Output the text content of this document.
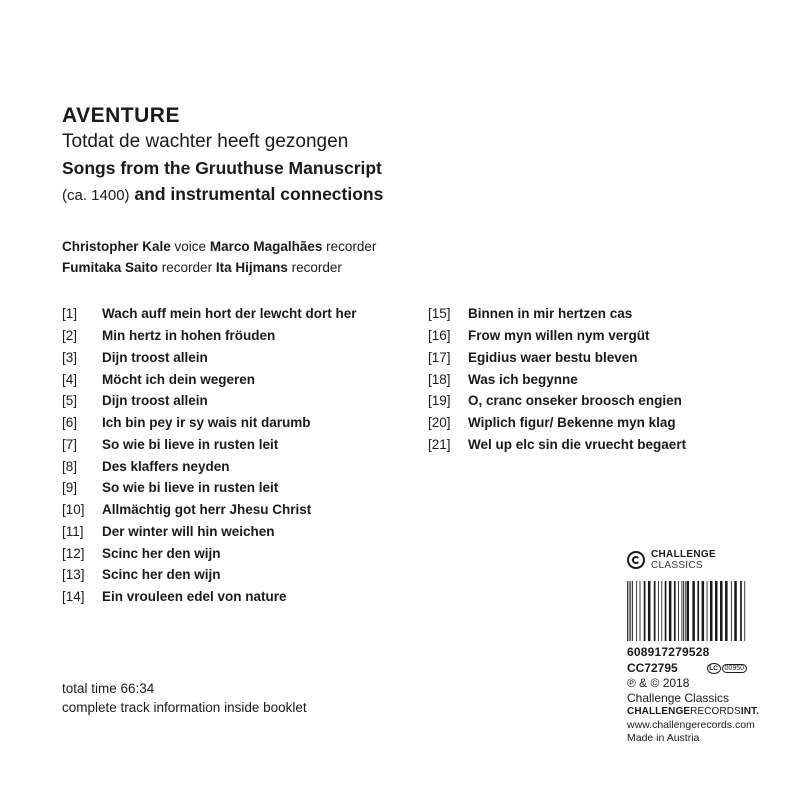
AVENTURE
Totdat de wachter heeft gezongen
Songs from the Gruuthuse Manuscript
(ca. 1400) and instrumental connections
Christopher Kale voice Marco Magalhães recorder
Fumitaka Saito recorder Ita Hijmans recorder
[1]	Wach auff mein hort der lewcht dort her
[2]	Min hertz in hohen fröuden
[3]	Dijn troost allein
[4]	Möcht ich dein wegeren
[5]	Dijn troost allein
[6]	Ich bin pey ir sy wais nit darumb
[7]	So wie bi lieve in rusten leit
[8]	Des klaffers neyden
[9]	So wie bi lieve in rusten leit
[10]	Allmächtig got herr Jhesu Christ
[11]	Der winter will hin weichen
[12]	Scinc her den wijn
[13]	Scinc her den wijn
[14]	Ein vrouleen edel von nature
[15]	Binnen in mir hertzen cas
[16]	Frow myn willen nym vergüt
[17]	Egidius waer bestu bleven
[18]	Was ich begynne
[19]	O, cranc onseker broosch engien
[20]	Wiplich figur/ Bekenne myn klag
[21]	Wel up elc sin die vruecht begaert
total time 66:34
complete track information inside booklet
CHALLENGE
CLASSICS
608917279528
CC72795	LC 00950
℗ & © 2018
Challenge Classics
CHALLENGERECORDSINT.
www.challengerecords.com
Made in Austria
